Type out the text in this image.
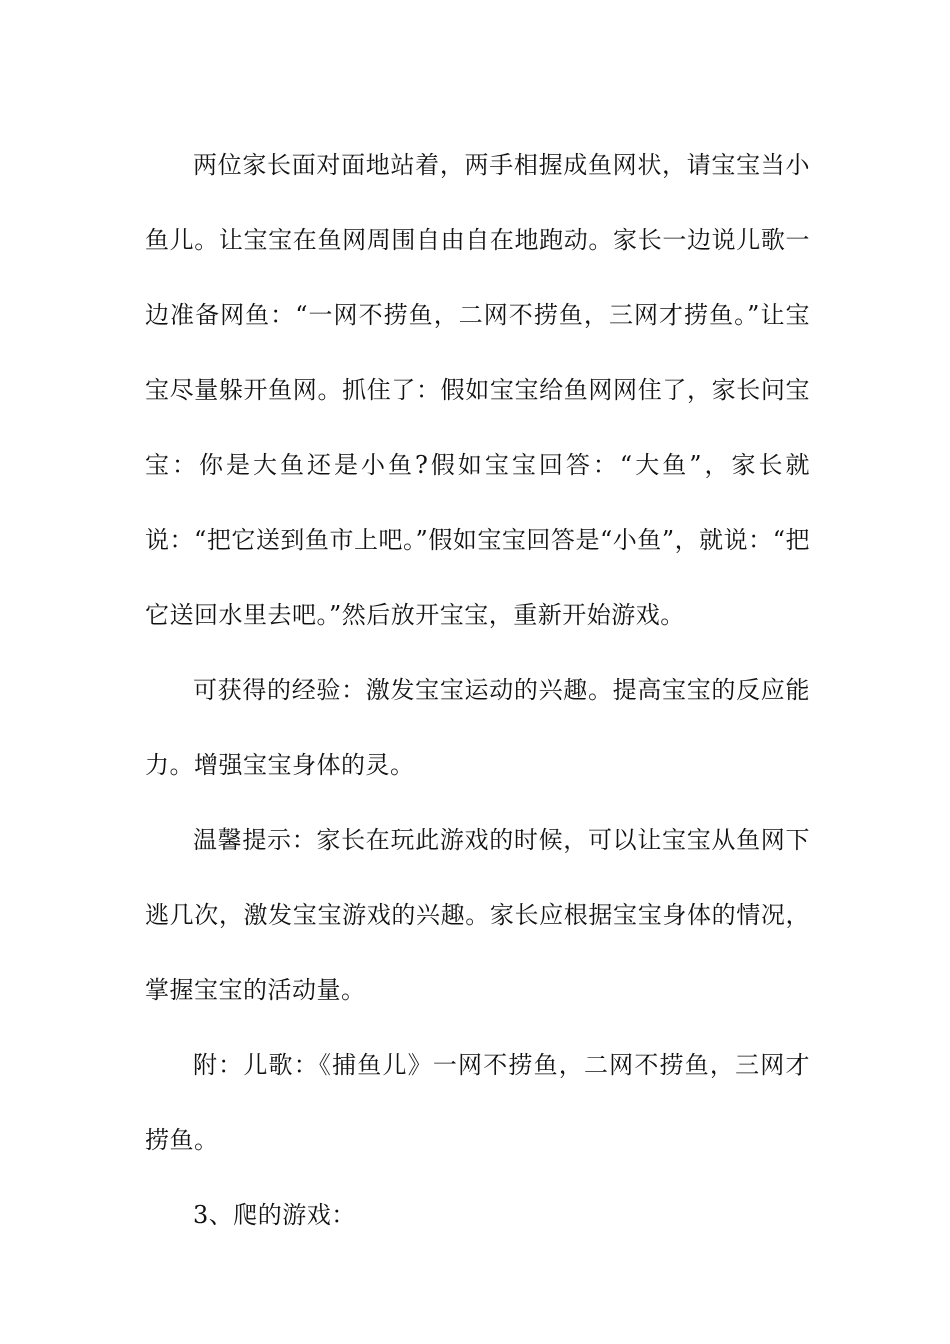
两位家长面对面地站着，两手相握成鱼网状，请宝宝当小鱼儿。让宝宝在鱼网周围自由自在地跑动。家长一边说儿歌一边准备网鱼：“一网不捞鱼，二网不捞鱼，三网才捞鱼。”让宝宝尽量躲开鱼网。抓住了：假如宝宝给鱼网网住了，家长问宝宝：你是大鱼还是小鱼?假如宝宝回答：“大鱼”，家长就说：“把它送到鱼市上吧。”假如宝宝回答是“小鱼”，就说：“把它送回水里去吧。”然后放开宝宝，重新开始游戏。

可获得的经验：激发宝宝运动的兴趣。提高宝宝的反应能力。增强宝宝身体的灵。

温馨提示：家长在玩此游戏的时候，可以让宝宝从鱼网下逃几次，激发宝宝游戏的兴趣。家长应根据宝宝身体的情况，掌握宝宝的活动量。

附：儿歌：《捕鱼儿》一网不捞鱼，二网不捞鱼，三网才捞鱼。

3、爬的游戏：
